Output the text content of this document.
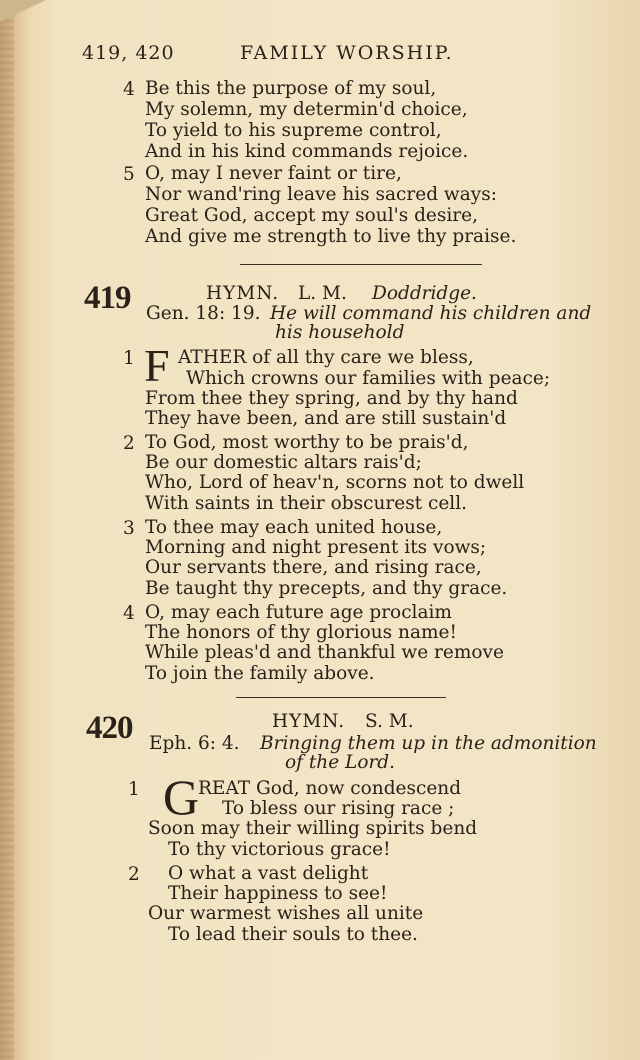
419, 420	FAMILY WORSHIP.
4 Be this the purpose of my soul,
My solemn, my determin'd choice,
To yield to his supreme control,
And in his kind commands rejoice.
5 O, may I never faint or tire,
Nor wand'ring leave his sacred ways:
Great God, accept my soul's desire,
And give me strength to live thy praise.
419	HYMN. L. M. Doddridge.
Gen. 18: 19. He will command his children and
his household
1 F ATHER of all thy care we bless,
Which crowns our families with peace;
From thee they spring, and by thy hand
They have been, and are still sustain'd
2 To God, most worthy to be prais'd,
Be our domestic altars rais'd;
Who, Lord of heav'n, scorns not to dwell
With saints in their obscurest cell.
3 To thee may each united house,
Morning and night present its vows;
Our servants there, and rising race,
Be taught thy precepts, and thy grace.
4 O, may each future age proclaim
The honors of thy glorious name!
While pleas'd and thankful we remove
To join the family above.
420	HYMN. S. M.
Eph. 6: 4. Bringing them up in the admonition
of the Lord.
1 G
REAT God, now condescend
To bless our rising race ;
Soon may their willing spirits bend
To thy victorious grace!
2 O what a vast delight
Their happiness to see!
Our warmest wishes all unite
To lead their souls to thee.
